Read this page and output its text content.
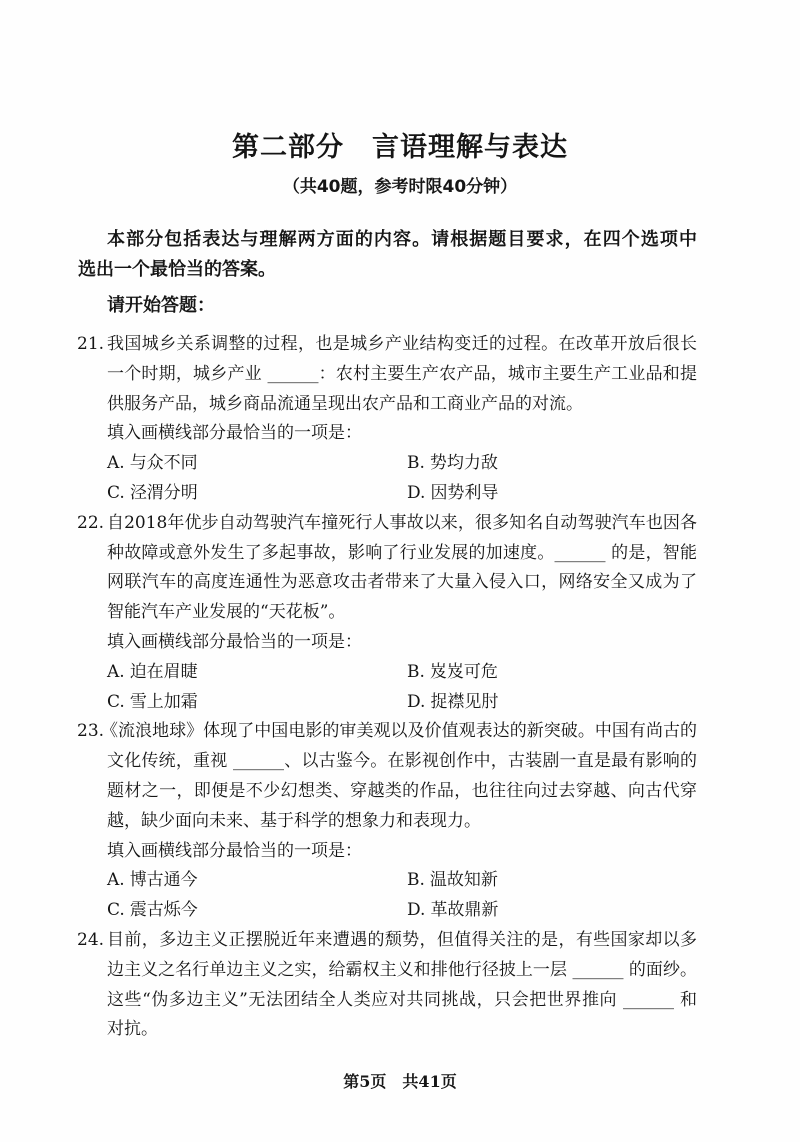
第二部分　言语理解与表达
（共40题，参考时限40分钟）
本部分包括表达与理解两方面的内容。请根据题目要求，在四个选项中
选出一个最恰当的答案。
请开始答题：
21. 我国城乡关系调整的过程，也是城乡产业结构变迁的过程。在改革开放后很长
一个时期，城乡产业 ______：农村主要生产农产品，城市主要生产工业品和提
供服务产品，城乡商品流通呈现出农产品和工商业产品的对流。
填入画横线部分最恰当的一项是：
A. 与众不同	B. 势均力敌
C. 泾渭分明	D. 因势利导
22. 自2018年优步自动驾驶汽车撞死行人事故以来，很多知名自动驾驶汽车也因各
种故障或意外发生了多起事故，影响了行业发展的加速度。______ 的是，智能
网联汽车的高度连通性为恶意攻击者带来了大量入侵入口，网络安全又成为了
智能汽车产业发展的“天花板”。
填入画横线部分最恰当的一项是：
A. 迫在眉睫	B. 岌岌可危
C. 雪上加霜	D. 捉襟见肘
23.
《流浪地球》体现了中国电影的审美观以及价值观表达的新突破。中国有尚古的
文化传统，重视 ______、以古鉴今。在影视创作中，古装剧一直是最有影响的
题材之一，即便是不少幻想类、穿越类的作品，也往往向过去穿越、向古代穿
越，缺少面向未来、基于科学的想象力和表现力。
填入画横线部分最恰当的一项是：
A. 博古通今	B. 温故知新
C. 震古烁今	D. 革故鼎新
24. 目前，多边主义正摆脱近年来遭遇的颓势，但值得关注的是，有些国家却以多
边主义之名行单边主义之实，给霸权主义和排他行径披上一层 ______ 的面纱。
这些“伪多边主义”无法团结全人类应对共同挑战，只会把世界推向 ______ 和
对抗。
第5页　共41页
